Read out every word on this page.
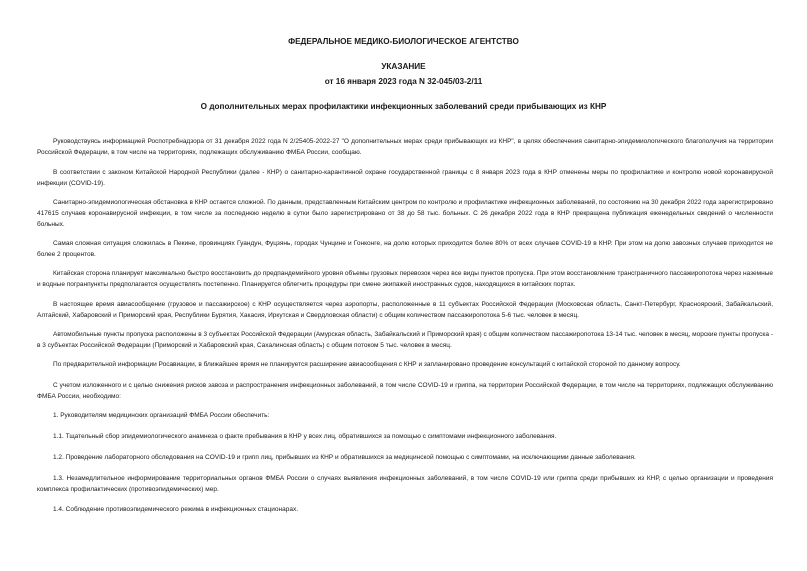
ФЕДЕРАЛЬНОЕ МЕДИКО-БИОЛОГИЧЕСКОЕ АГЕНТСТВО
УКАЗАНИЕ
от 16 января 2023 года N 32-045/03-2/11
О дополнительных мерах профилактики инфекционных заболеваний среди прибывающих из КНР

Руководствуясь информацией Роспотребнадзора от 31 декабря 2022 года N 2/25405-2022-27 "О дополнительных мерах среди прибывающих из КНР", в целях обеспечения санитарно-эпидемиологического благополучия на территории Российской Федерации, в том числе на территориях, подлежащих обслуживанию ФМБА России, сообщаю.

В соответствии с законом Китайской Народной Республики (далее - КНР) о санитарно-карантинной охране государственной границы с 8 января 2023 года в КНР отменены меры по профилактике и контролю новой коронавирусной инфекции (COVID-19).

Санитарно-эпидемиологическая обстановка в КНР остается сложной. По данным, представленным Китайским центром по контролю и профилактике инфекционных заболеваний, по состоянию на 30 декабря 2022 года зарегистрировано 417615 случаев коронавирусной инфекции, в том числе за последнюю неделю в сутки было зарегистрировано от 38 до 58 тыс. больных. С 26 декабря 2022 года в КНР прекращена публикация еженедельных сведений о численности больных.

Самая сложная ситуация сложилась в Пекине, провинциях Гуандун, Фуцзянь, городах Чунцине и Гонконге, на долю которых приходится более 80% от всех случаев COVID-19 в КНР. При этом на долю завозных случаев приходится не более 2 процентов.

Китайская сторона планирует максимально быстро восстановить до предпандемийного уровня объемы грузовых перевозок через все виды пунктов пропуска. При этом восстановление трансграничного пассажиропотока через наземные и водные погранпункты предполагается осуществлять постепенно. Планируется облегчить процедуры при смене экипажей иностранных судов, находящихся в китайских портах.

В настоящее время авиасообщение (грузовое и пассажирское) с КНР осуществляется через аэропорты, расположенные в 11 субъектах Российской Федерации (Московская область, Санкт-Петербург, Красноярский, Забайкальский, Алтайский, Хабаровский и Приморский края, Республики Бурятия, Хакасия, Иркутская и Свердловская области) с общим количеством пассажиропотока 5-6 тыс. человек в месяц.

Автомобильные пункты пропуска расположены в 3 субъектах Российской Федерации (Амурская область, Забайкальский и Приморский края) с общим количеством пассажиропотока 13-14 тыс. человек в месяц, морские пункты пропуска - в 3 субъектах Российской Федерации (Приморский и Хабаровский края, Сахалинская область) с общим потоком 5 тыс. человек в месяц.

По предварительной информации Росавиации, в ближайшее время не планируется расширение авиасообщения с КНР и запланировано проведение консультаций с китайской стороной по данному вопросу.

С учетом изложенного и с целью снижения рисков завоза и распространения инфекционных заболеваний, в том числе COVID-19 и гриппа, на территории Российской Федерации, в том числе на территориях, подлежащих обслуживанию ФМБА России, необходимо:

1. Руководителям медицинских организаций ФМБА России обеспечить:

1.1. Тщательный сбор эпидемиологического анамнеза о факте пребывания в КНР у всех лиц, обратившихся за помощью с симптомами инфекционного заболевания.

1.2. Проведение лабораторного обследования на COVID-19 и грипп лиц, прибывших из КНР и обратившихся за медицинской помощью с симптомами, на исключающими данные заболевания.

1.3. Незамедлительное информирование территориальных органов ФМБА России о случаях выявления инфекционных заболеваний, в том числе COVID-19 или гриппа среди прибывших из КНР, с целью организации и проведения комплекса профилактических (противоэпидемических) мер.

1.4. Соблюдение противоэпидемического режима в инфекционных стационарах.
